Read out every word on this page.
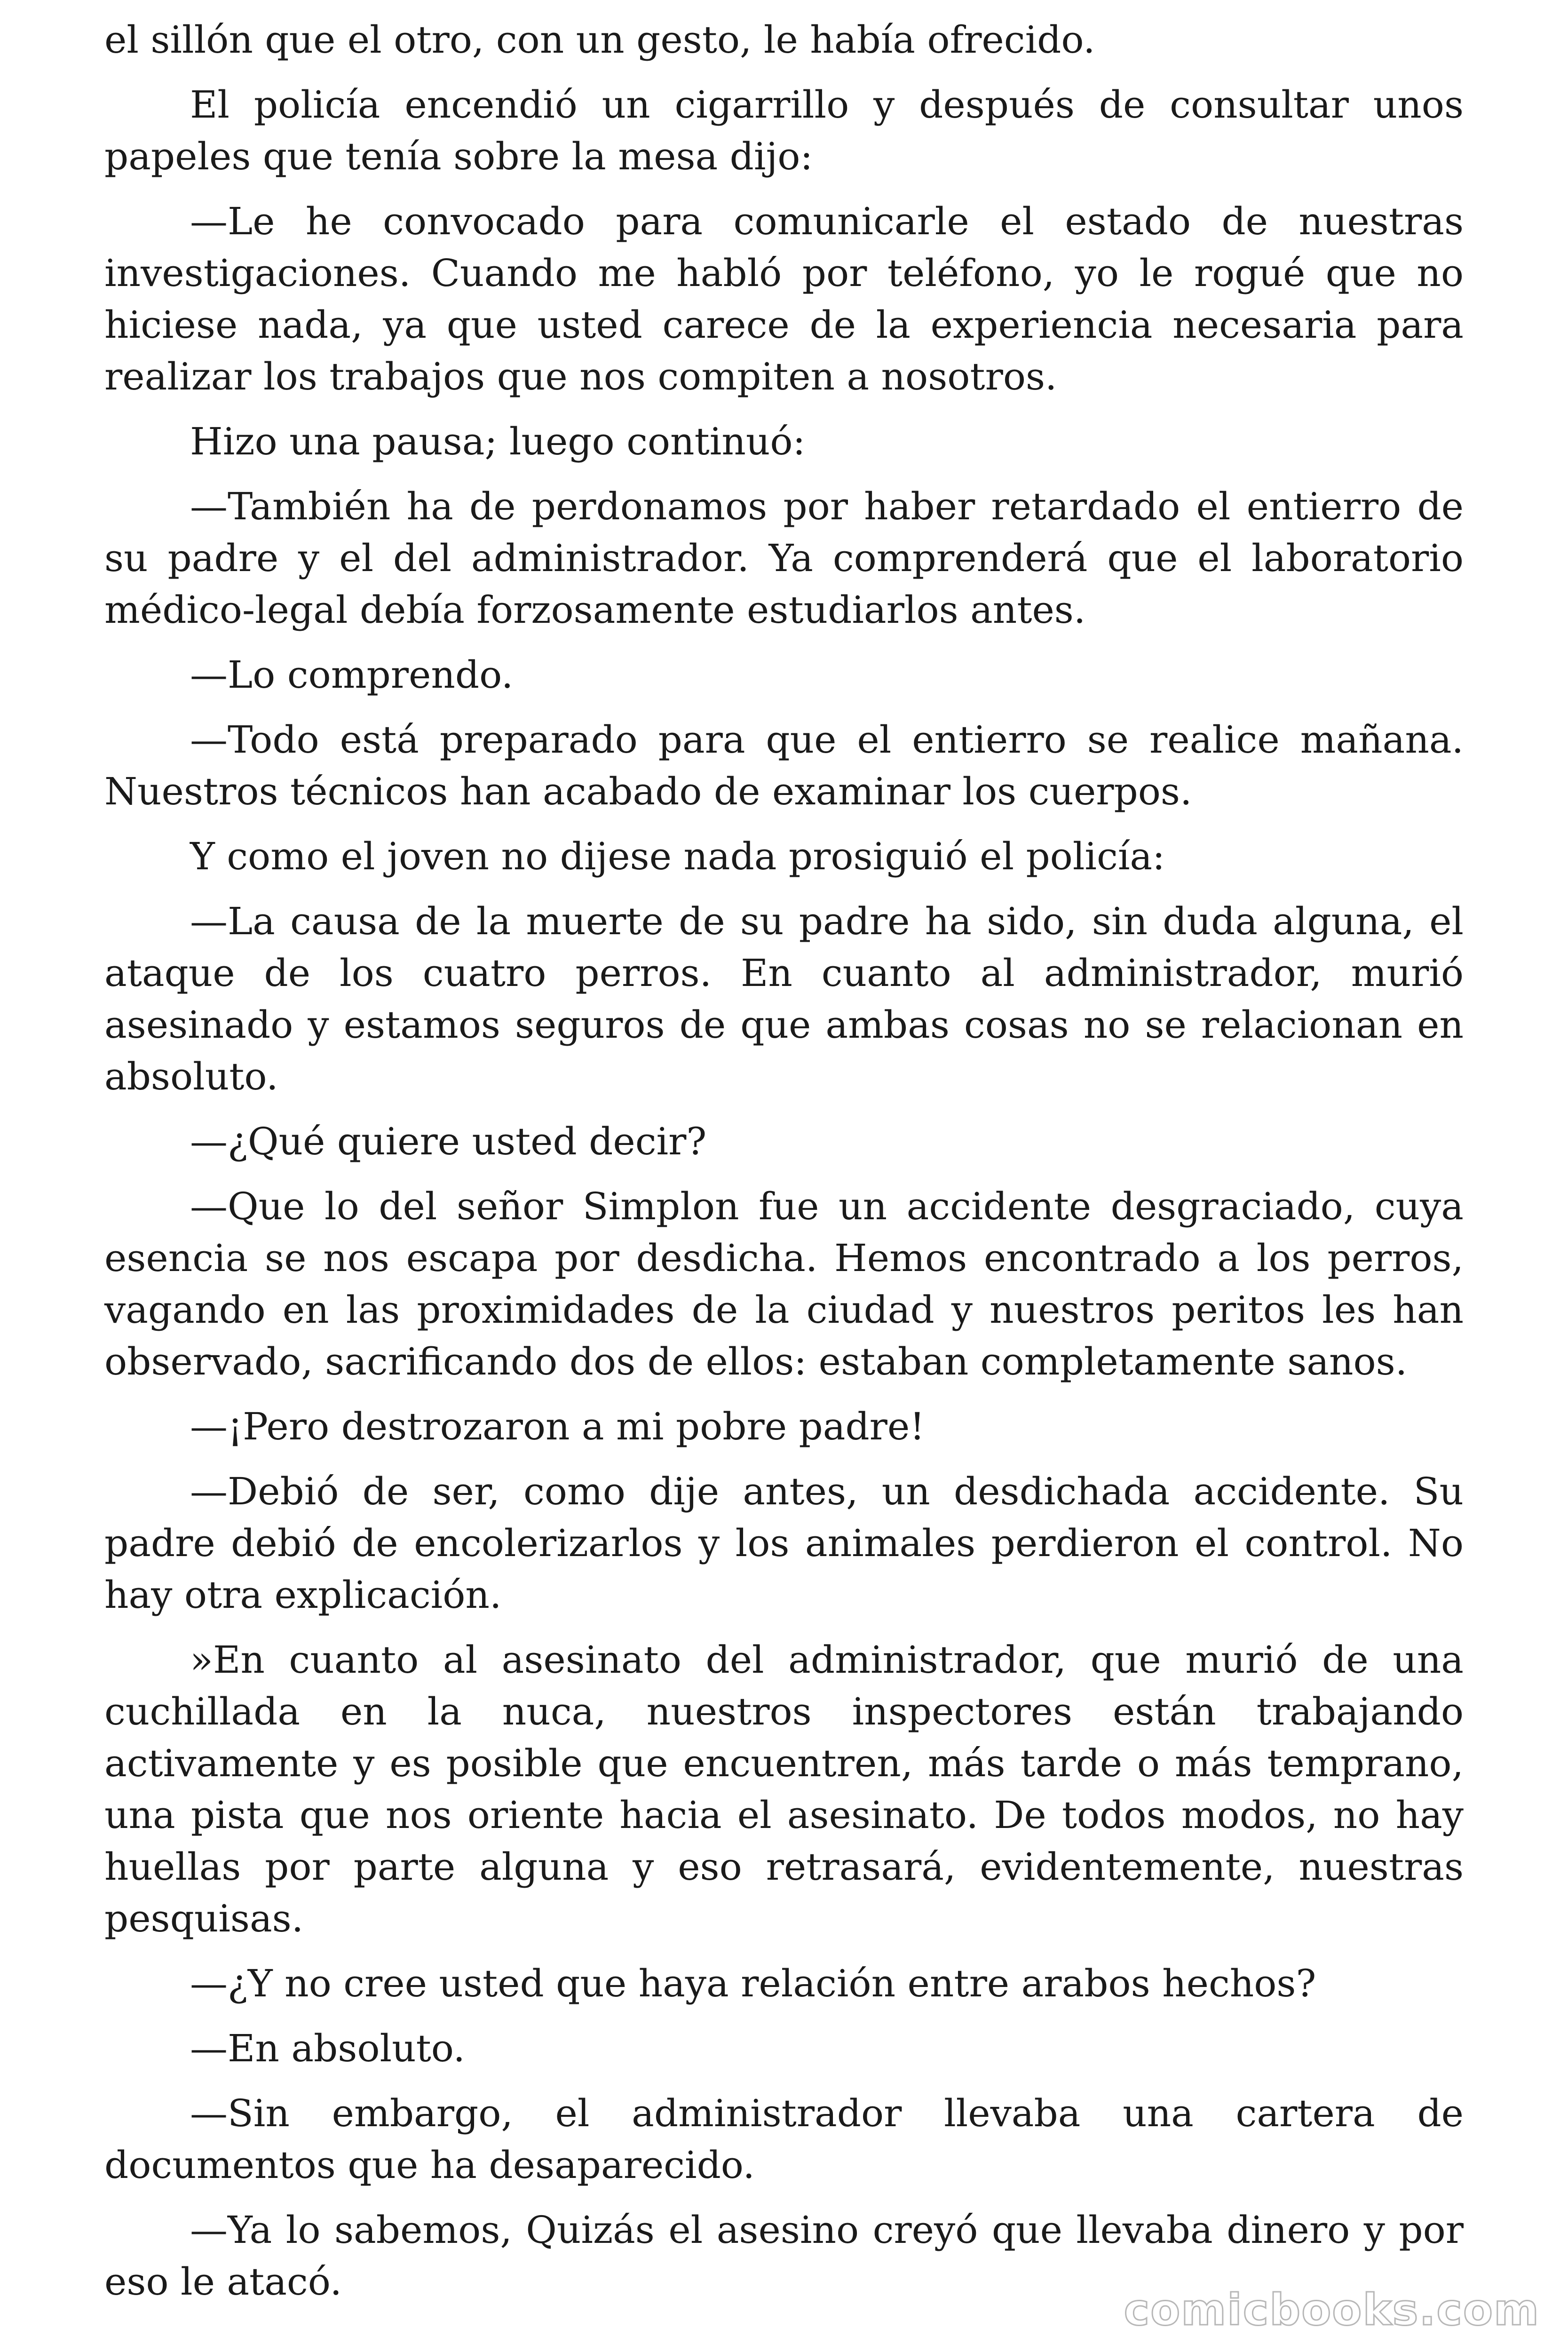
el sillón que el otro, con un gesto, le había ofrecido.

El policía encendió un cigarrillo y después de consultar unos papeles que tenía sobre la mesa dijo:

—Le he convocado para comunicarle el estado de nuestras investigaciones. Cuando me habló por teléfono, yo le rogué que no hiciese nada, ya que usted carece de la experiencia necesaria para realizar los trabajos que nos compiten a nosotros.

Hizo una pausa; luego continuó:

—También ha de perdonamos por haber retardado el entierro de su padre y el del administrador. Ya comprenderá que el laboratorio médico-legal debía forzosamente estudiarlos antes.

—Lo comprendo.

—Todo está preparado para que el entierro se realice mañana. Nuestros técnicos han acabado de examinar los cuerpos.

Y como el joven no dijese nada prosiguió el policía:

—La causa de la muerte de su padre ha sido, sin duda alguna, el ataque de los cuatro perros. En cuanto al administrador, murió asesinado y estamos seguros de que ambas cosas no se relacionan en absoluto.

—¿Qué quiere usted decir?

—Que lo del señor Simplon fue un accidente desgraciado, cuya esencia se nos escapa por desdicha. Hemos encontrado a los perros, vagando en las proximidades de la ciudad y nuestros peritos les han observado, sacrificando dos de ellos: estaban completamente sanos.

—¡Pero destrozaron a mi pobre padre!

—Debió de ser, como dije antes, un desdichada accidente. Su padre debió de encolerizarlos y los animales perdieron el control. No hay otra explicación.

»En cuanto al asesinato del administrador, que murió de una cuchillada en la nuca, nuestros inspectores están trabajando activamente y es posible que encuentren, más tarde o más temprano, una pista que nos oriente hacia el asesinato. De todos modos, no hay huellas por parte alguna y eso retrasará, evidentemente, nuestras pesquisas.

—¿Y no cree usted que haya relación entre arabos hechos?

—En absoluto.

—Sin embargo, el administrador llevaba una cartera de documentos que ha desaparecido.

—Ya lo sabemos, Quizás el asesino creyó que llevaba dinero y por eso le atacó.

comicbooks.com
